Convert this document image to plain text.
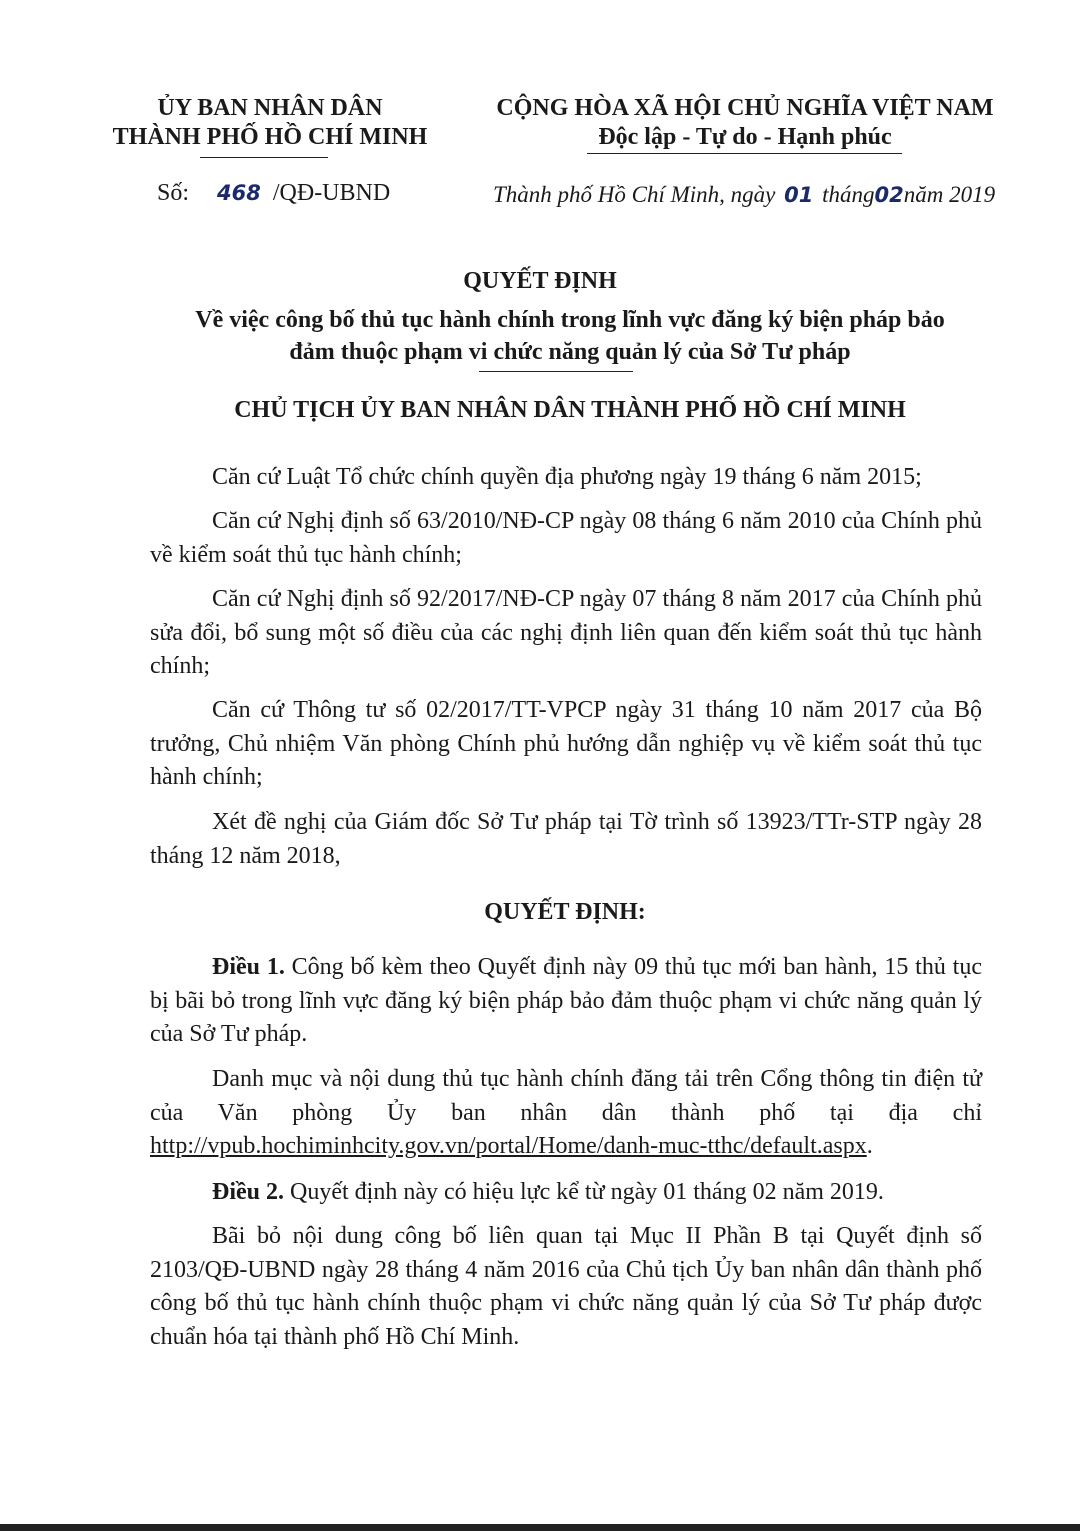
ỦY BAN NHÂN DÂN
THÀNH PHỐ HỒ CHÍ MINH
CỘNG HÒA XÃ HỘI CHỦ NGHĨA VIỆT NAM
Độc lập - Tự do - Hạnh phúc
Số: 468 /QĐ-UBND	Thành phố Hồ Chí Minh, ngày 01 tháng02năm 2019
QUYẾT ĐỊNH
Về việc công bố thủ tục hành chính trong lĩnh vực đăng ký biện pháp bảo
đảm thuộc phạm vi chức năng quản lý của Sở Tư pháp
CHỦ TỊCH ỦY BAN NHÂN DÂN THÀNH PHỐ HỒ CHÍ MINH
Căn cứ Luật Tổ chức chính quyền địa phương ngày 19 tháng 6 năm 2015;
Căn cứ Nghị định số 63/2010/NĐ-CP ngày 08 tháng 6 năm 2010 của Chính phủ về kiểm soát thủ tục hành chính;
Căn cứ Nghị định số 92/2017/NĐ-CP ngày 07 tháng 8 năm 2017 của Chính phủ sửa đổi, bổ sung một số điều của các nghị định liên quan đến kiểm soát thủ tục hành chính;
Căn cứ Thông tư số 02/2017/TT-VPCP ngày 31 tháng 10 năm 2017 của Bộ trưởng, Chủ nhiệm Văn phòng Chính phủ hướng dẫn nghiệp vụ về kiểm soát thủ tục hành chính;
Xét đề nghị của Giám đốc Sở Tư pháp tại Tờ trình số 13923/TTr-STP ngày 28 tháng 12 năm 2018,
QUYẾT ĐỊNH:
Điều 1. Công bố kèm theo Quyết định này 09 thủ tục mới ban hành, 15 thủ tục bị bãi bỏ trong lĩnh vực đăng ký biện pháp bảo đảm thuộc phạm vi chức năng quản lý của Sở Tư pháp.
Danh mục và nội dung thủ tục hành chính đăng tải trên Cổng thông tin điện tử của Văn phòng Ủy ban nhân dân thành phố tại địa chỉ http://vpub.hochiminhcity.gov.vn/portal/Home/danh-muc-tthc/default.aspx.
Điều 2. Quyết định này có hiệu lực kể từ ngày 01 tháng 02 năm 2019.
Bãi bỏ nội dung công bố liên quan tại Mục II Phần B tại Quyết định số 2103/QĐ-UBND ngày 28 tháng 4 năm 2016 của Chủ tịch Ủy ban nhân dân thành phố công bố thủ tục hành chính thuộc phạm vi chức năng quản lý của Sở Tư pháp được chuẩn hóa tại thành phố Hồ Chí Minh.
